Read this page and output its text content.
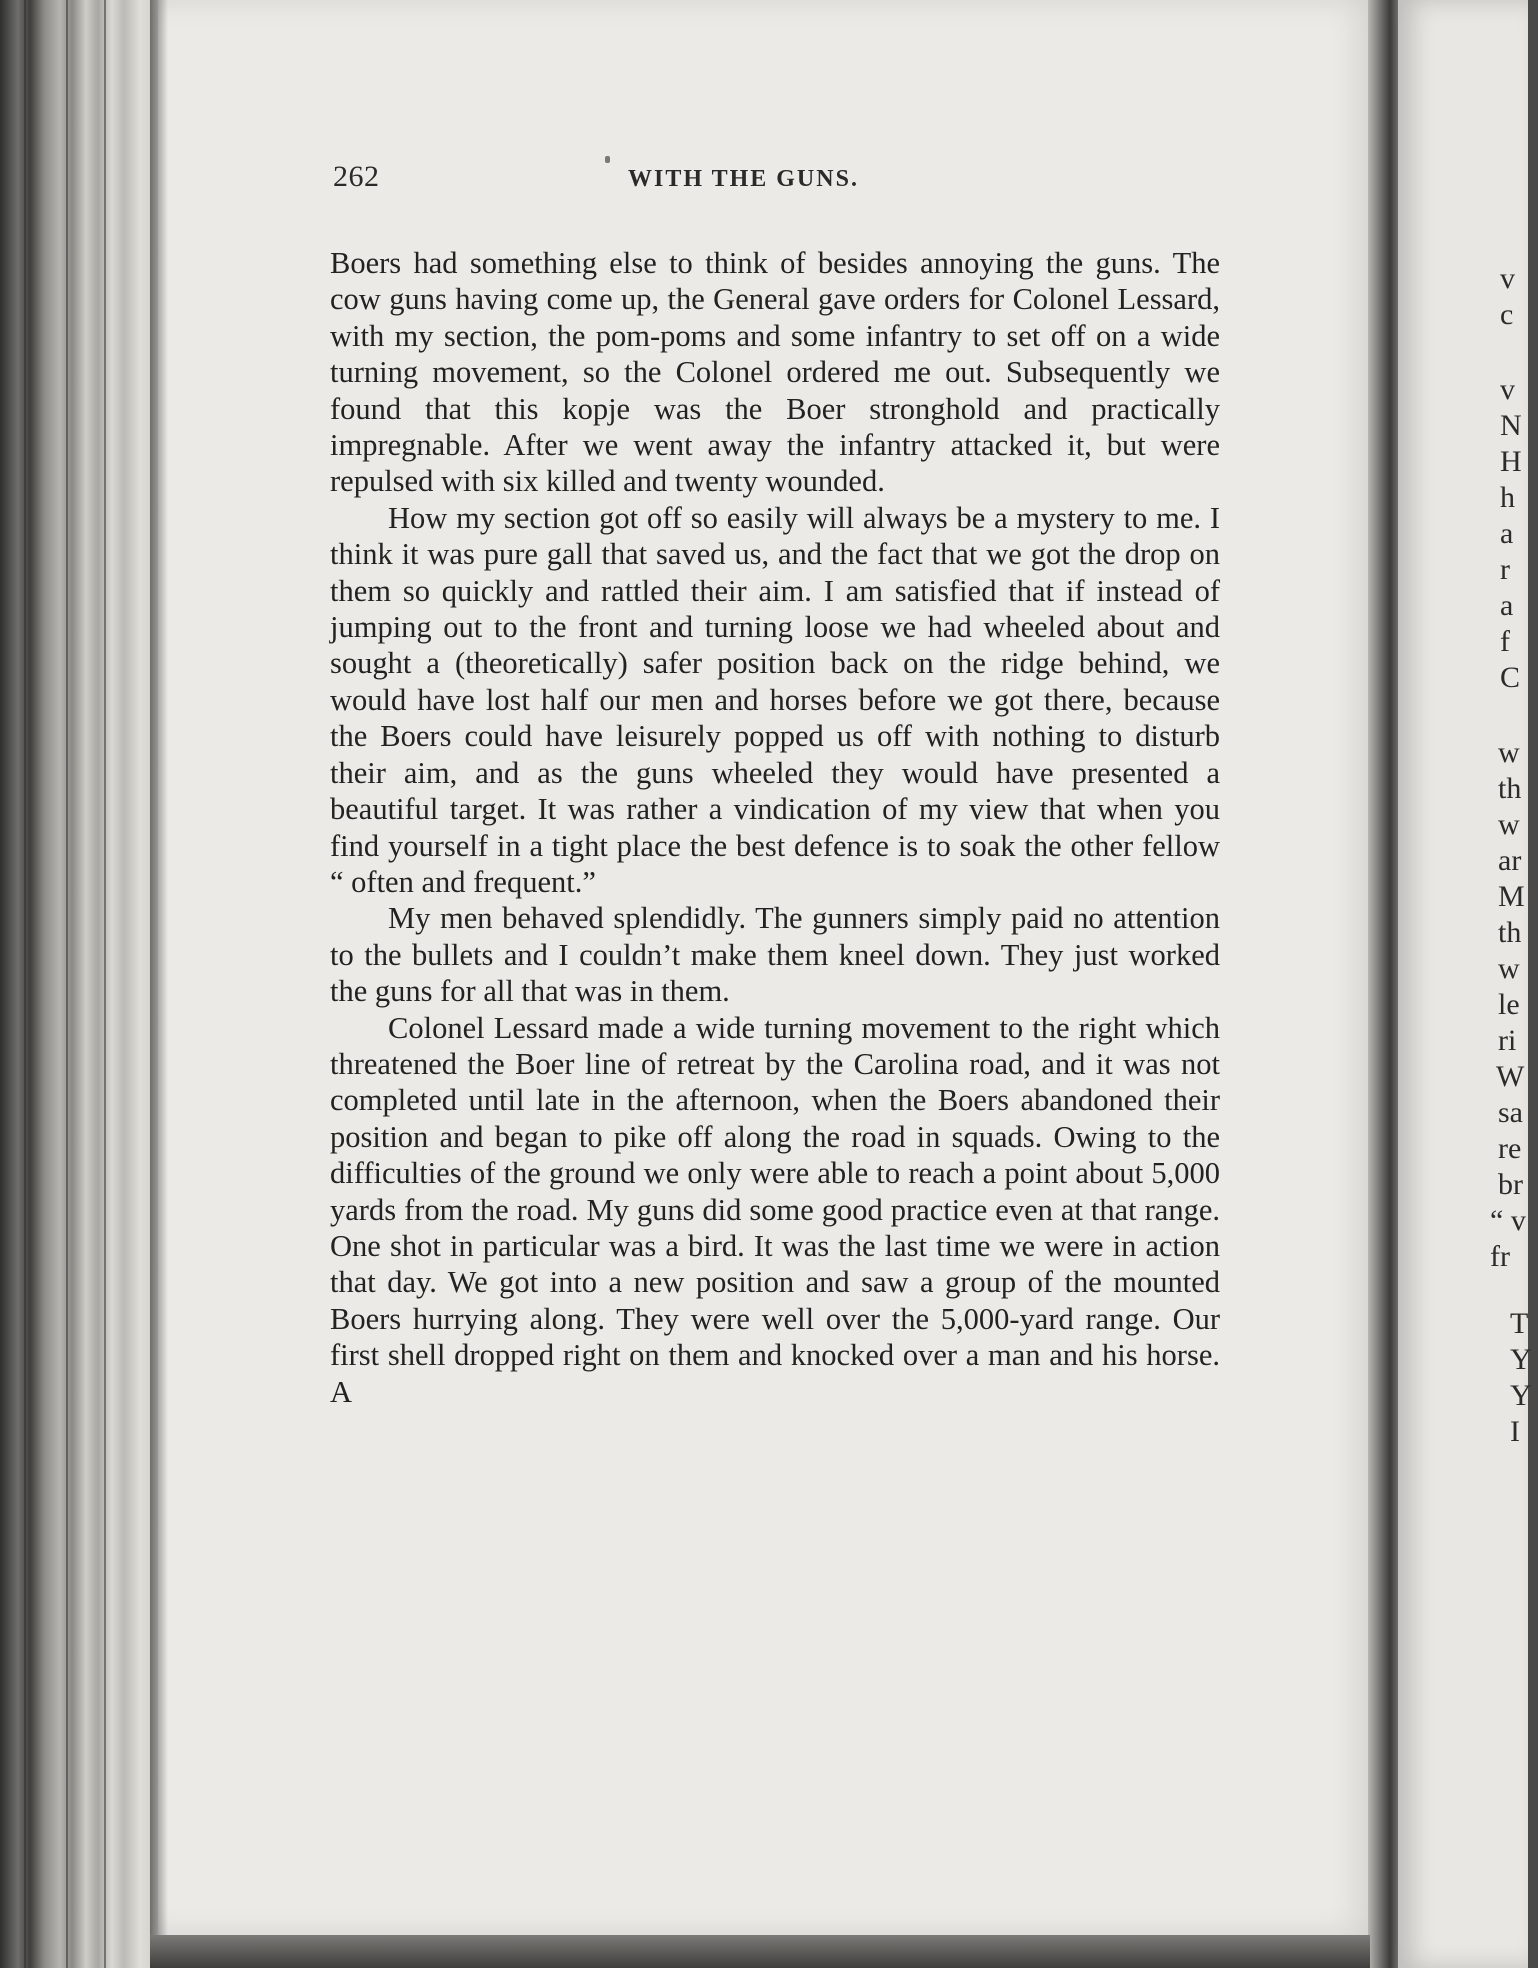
262	WITH THE GUNS.

Boers had something else to think of besides annoying the guns. The cow guns having come up, the General gave orders for Colonel Lessard, with my section, the pom-poms and some infantry to set off on a wide turning movement, so the Colonel ordered me out. Subsequently we found that this kopje was the Boer stronghold and practically impregnable. After we went away the infantry attacked it, but were repulsed with six killed and twenty wounded.

How my section got off so easily will always be a mystery to me. I think it was pure gall that saved us, and the fact that we got the drop on them so quickly and rattled their aim. I am satisfied that if instead of jumping out to the front and turning loose we had wheeled about and sought a (theoretically) safer position back on the ridge behind, we would have lost half our men and horses before we got there, because the Boers could have leisurely popped us off with nothing to disturb their aim, and as the guns wheeled they would have presented a beautiful target. It was rather a vindication of my view that when you find yourself in a tight place the best defence is to soak the other fellow “ often and frequent.”

My men behaved splendidly. The gunners simply paid no attention to the bullets and I couldn’t make them kneel down. They just worked the guns for all that was in them.

Colonel Lessard made a wide turning movement to the right which threatened the Boer line of retreat by the Carolina road, and it was not completed until late in the afternoon, when the Boers abandoned their position and began to pike off along the road in squads. Owing to the difficulties of the ground we only were able to reach a point about 5,000 yards from the road. My guns did some good practice even at that range. One shot in particular was a bird. It was the last time we were in action that day. We got into a new position and saw a group of the mounted Boers hurrying along. They were well over the 5,000-yard range. Our first shell dropped right on them and knocked over a man and his horse. A

v
c
v
N
H
h
a
r
a
f
C
w
th
w
ar
M
th
w
le
ri
W
sa
re
br
“ v
fr
T
Y
Y
I
